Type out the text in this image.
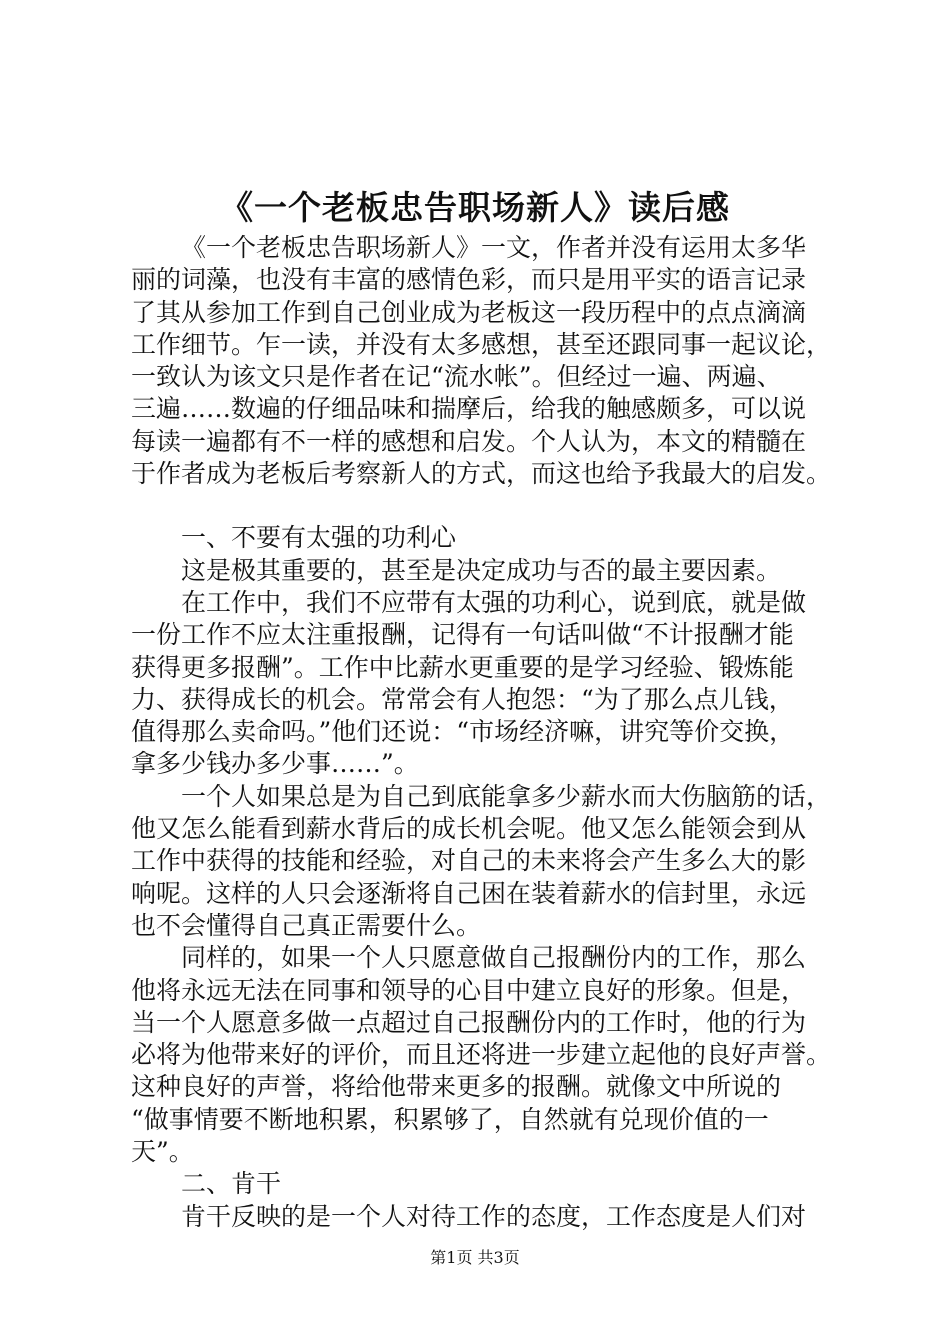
《一个老板忠告职场新人》读后感
《一个老板忠告职场新人》一文，作者并没有运用太多华
丽的词藻，也没有丰富的感情色彩，而只是用平实的语言记录
了其从参加工作到自己创业成为老板这一段历程中的点点滴滴
工作细节。乍一读，并没有太多感想，甚至还跟同事一起议论，
一致认为该文只是作者在记“流水帐”。但经过一遍、两遍、
三遍……数遍的仔细品味和揣摩后，给我的触感颇多，可以说
每读一遍都有不一样的感想和启发。个人认为，本文的精髓在
于作者成为老板后考察新人的方式，而这也给予我最大的启发。
一、不要有太强的功利心
这是极其重要的，甚至是决定成功与否的最主要因素。
在工作中，我们不应带有太强的功利心，说到底，就是做
一份工作不应太注重报酬，记得有一句话叫做“不计报酬才能
获得更多报酬”。工作中比薪水更重要的是学习经验、锻炼能
力、获得成长的机会。常常会有人抱怨：“为了那么点儿钱，
值得那么卖命吗。”他们还说：“市场经济嘛，讲究等价交换，
拿多少钱办多少事……”。
一个人如果总是为自己到底能拿多少薪水而大伤脑筋的话，
他又怎么能看到薪水背后的成长机会呢。他又怎么能领会到从
工作中获得的技能和经验，对自己的未来将会产生多么大的影
响呢。这样的人只会逐渐将自己困在装着薪水的信封里，永远
也不会懂得自己真正需要什么。
同样的，如果一个人只愿意做自己报酬份内的工作，那么
他将永远无法在同事和领导的心目中建立良好的形象。但是，
当一个人愿意多做一点超过自己报酬份内的工作时，他的行为
必将为他带来好的评价，而且还将进一步建立起他的良好声誉。
这种良好的声誉，将给他带来更多的报酬。就像文中所说的
“做事情要不断地积累，积累够了，自然就有兑现价值的一
天”。
二、肯干
肯干反映的是一个人对待工作的态度，工作态度是人们对
第1页 共3页
